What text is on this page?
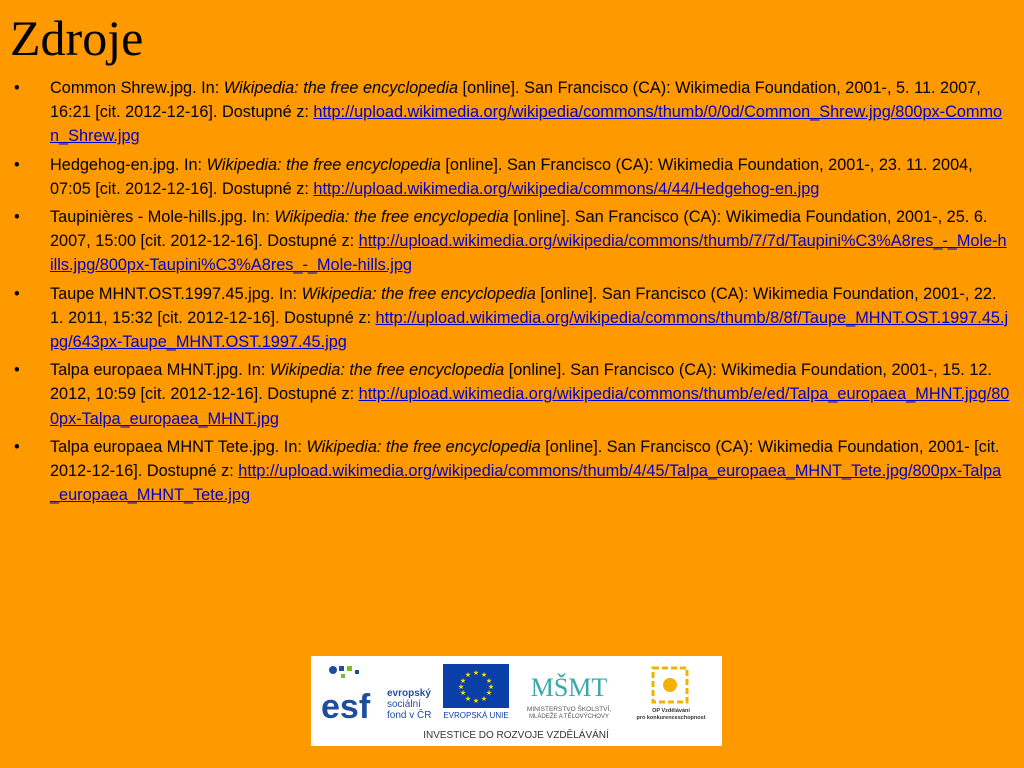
Zdroje
• Common Shrew.jpg. In: Wikipedia: the free encyclopedia [online]. San Francisco (CA): Wikimedia Foundation, 2001-, 5. 11. 2007, 16:21 [cit. 2012-12-16]. Dostupné z: http://upload.wikimedia.org/wikipedia/commons/thumb/0/0d/Common_Shrew.jpg/800px-Common_Shrew.jpg
• Hedgehog-en.jpg. In: Wikipedia: the free encyclopedia [online]. San Francisco (CA): Wikimedia Foundation, 2001-, 23. 11. 2004, 07:05 [cit. 2012-12-16]. Dostupné z: http://upload.wikimedia.org/wikipedia/commons/4/44/Hedgehog-en.jpg
• Taupinières - Mole-hills.jpg. In: Wikipedia: the free encyclopedia [online]. San Francisco (CA): Wikimedia Foundation, 2001-, 25. 6. 2007, 15:00 [cit. 2012-12-16]. Dostupné z: http://upload.wikimedia.org/wikipedia/commons/thumb/7/7d/Taupini%C3%A8res_-_Mole-hills.jpg/800px-Taupini%C3%A8res_-_Mole-hills.jpg
• Taupe MHNT.OST.1997.45.jpg. In: Wikipedia: the free encyclopedia [online]. San Francisco (CA): Wikimedia Foundation, 2001-, 22. 1. 2011, 15:32 [cit. 2012-12-16]. Dostupné z: http://upload.wikimedia.org/wikipedia/commons/thumb/8/8f/Taupe_MHNT.OST.1997.45.jpg/643px-Taupe_MHNT.OST.1997.45.jpg
• Talpa europaea MHNT.jpg. In: Wikipedia: the free encyclopedia [online]. San Francisco (CA): Wikimedia Foundation, 2001-, 15. 12. 2012, 10:59 [cit. 2012-12-16]. Dostupné z: http://upload.wikimedia.org/wikipedia/commons/thumb/e/ed/Talpa_europaea_MHNT.jpg/800px-Talpa_europaea_MHNT.jpg
• Talpa europaea MHNT Tete.jpg. In: Wikipedia: the free encyclopedia [online]. San Francisco (CA): Wikimedia Foundation, 2001- [cit. 2012-12-16]. Dostupné z: http://upload.wikimedia.org/wikipedia/commons/thumb/4/45/Talpa_europaea_MHNT_Tete.jpg/800px-Talpa_europaea_MHNT_Tete.jpg
esf evropský
sociální
fond v ČR
★ ★
★
★
★
★
★
★
★
★
★
★
EVROPSKÁ UNIE
MŠMT
MINISTERSTVO ŠKOLSTVÍ,
MLÁDEŽE A TĚLOVÝCHOVY
OP Vzdělávání
pro konkurenceschopnost
INVESTICE DO ROZVOJE VZDĚLÁVÁNÍ
